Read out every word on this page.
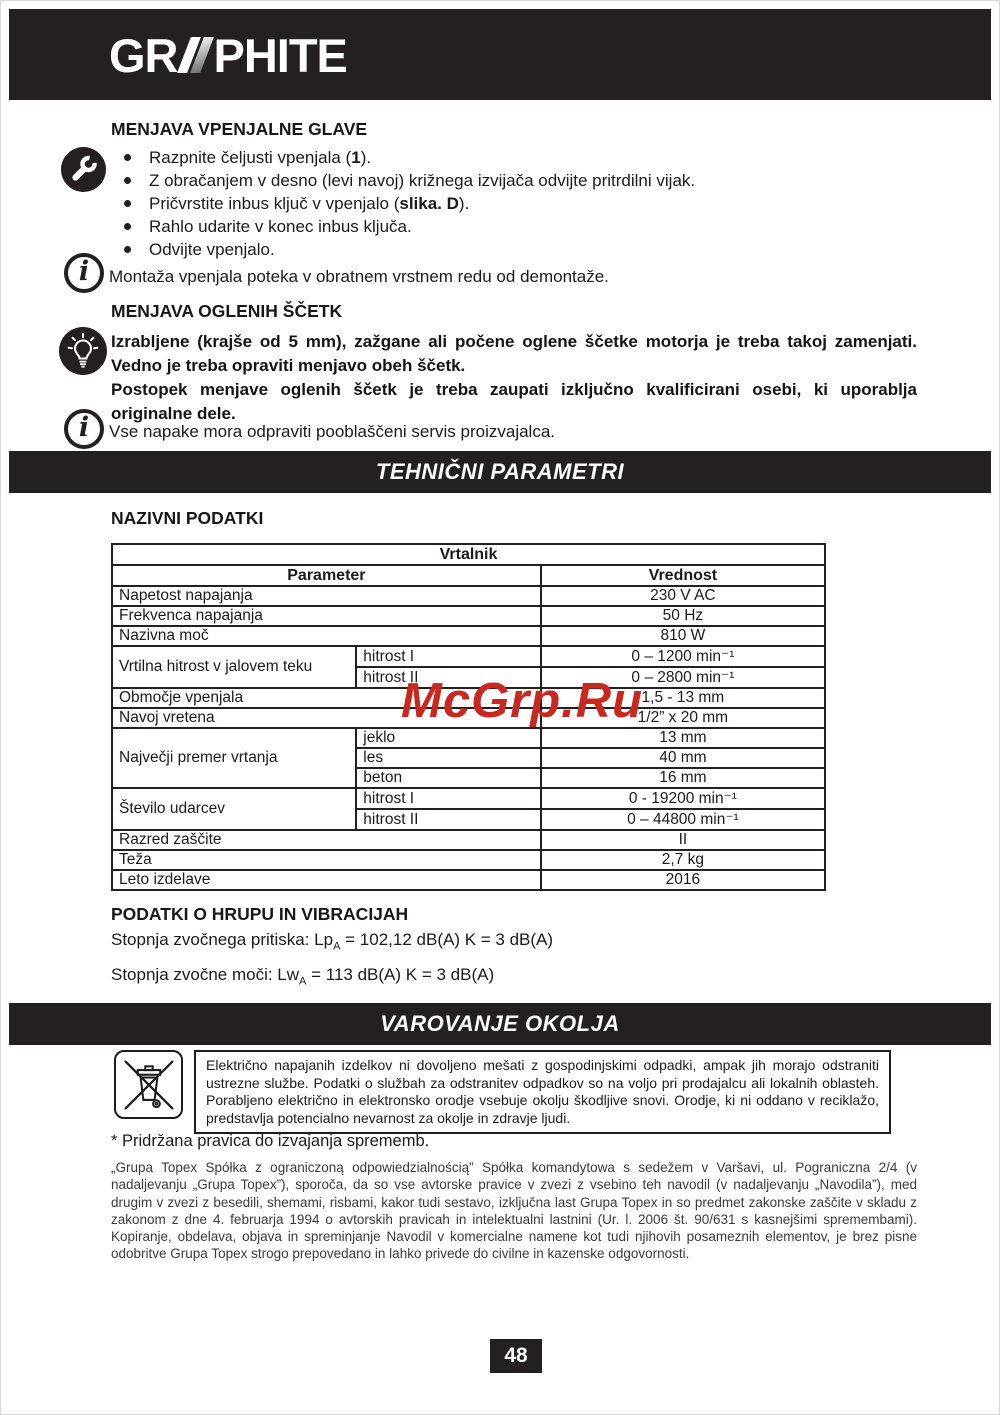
GR PHITE
MENJAVA VPENJALNE GLAVE
Razpnite čeljusti vpenjala (1).
Z obračanjem v desno (levi navoj) križnega izvijača odvijte pritrdilni vijak.
Pričvrstite inbus ključ v vpenjalo (slika. D).
Rahlo udarite v konec inbus ključa.
Odvijte vpenjalo.
i Montaža vpenjala poteka v obratnem vrstnem redu od demontaže.

MENJAVA OGLENIH ŠČETK

Izrabljene (krajše od 5 mm), zažgane ali počene oglene ščetke motorja je treba takoj zamenjati. Vedno je treba opraviti menjavo obeh ščetk.

Postopek menjave oglenih ščetk je treba zaupati izključno kvalificirani osebi, ki uporablja originalne dele.

i Vse napake mora odpraviti pooblaščeni servis proizvajalca.

TEHNIČNI PARAMETRI
NAZIVNI PODATKI
Vrtalnik		
Parameter		Vrednost
Napetost napajanja		230 V AC
Frekvenca napajanja		50 Hz
Nazivna moč		810 W
Vrtilna hitrost v jalovem teku	hitrost I	0 – 1200 min⁻¹
	hitrost II	0 – 2800 min⁻¹
Območje vpenjala		1,5 - 13 mm
Navoj vretena		1/2” x 20 mm
Največji premer vrtanja	jeklo	13 mm
	les	40 mm
	beton	16 mm
Število udarcev	hitrost I	0 - 19200 min⁻¹
	hitrost II	0 – 44800 min⁻¹
Razred zaščite		II
Teža		2,7 kg
Leto izdelave		2016
McGrp.Ru
PODATKI O HRUPU IN VIBRACIJAH

Stopnja zvočnega pritiska: $Lp_A = 102,12$ dB(A) K = 3 dB(A)

Stopnja zvočne moči: $Lw_A = 113$ dB(A) K = 3 dB(A)

VAROVANJE OKOLJA
Električno napajanih izdelkov ni dovoljeno mešati z gospodinjskimi odpadki, ampak jih morajo odstraniti ustrezne službe. Podatki o službah za odstranitev odpadkov so na voljo pri prodajalcu ali lokalnih oblasteh. Porabljeno električno in elektronsko orodje vsebuje okolju škodljive snovi. Orodje, ki ni oddano v reciklažo, predstavlja potencialno nevarnost za okolje in zdravje ljudi.

* Pridržana pravica do izvajanja sprememb.

„Grupa Topex Spółka z ograniczoną odpowiedzialnością” Spółka komandytowa s sedežem v Varšavi, ul. Pograniczna 2/4 (v nadaljevanju „Grupa Topex”), sporoča, da so vse avtorske pravice v zvezi z vsebino teh navodil (v nadaljevanju „Navodila”), med drugim v zvezi z besedili, shemami, risbami, kakor tudi sestavo, izključna last Grupa Topex in so predmet zakonske zaščite v skladu z zakonom z dne 4. februarja 1994 o avtorskih pravicah in intelektualni lastnini (Ur. l. 2006 št. 90/631 s kasnejšimi spremembami). Kopiranje, obdelava, objava in spreminjanje Navodil v komercialne namene kot tudi njihovih posameznih elementov, je brez pisne odobritve Grupa Topex strogo prepovedano in lahko privede do civilne in kazenske odgovornosti.

48
